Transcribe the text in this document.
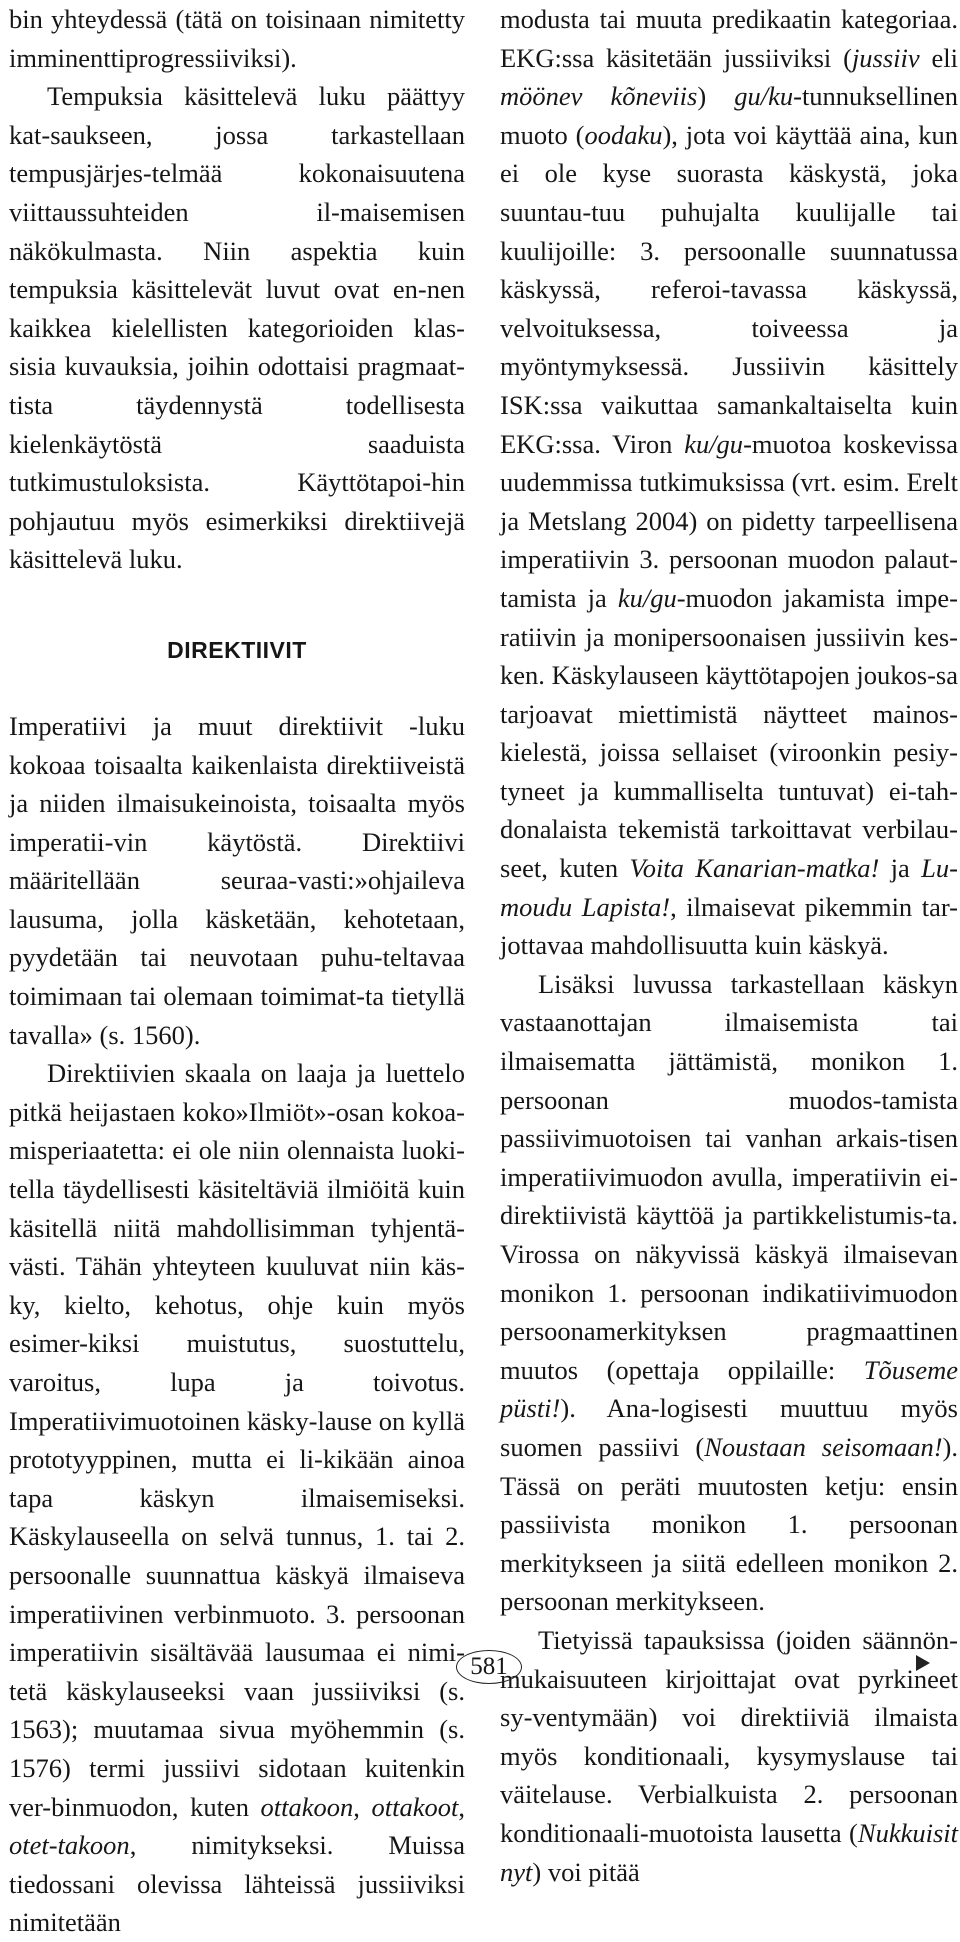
bin yhteydessä (tätä on toisinaan nimitetty imminenttiprogressiiviksi).

Tempuksia käsittelevä luku päättyy kat-saukseen, jossa tarkastellaan tempusjärjes-telmää kokonaisuutena viittaussuhteiden il-maisemisen näkökulmasta. Niin aspektia kuin tempuksia käsittelevät luvut ovat en-nen kaikkea kielellisten kategorioiden klas-sisia kuvauksia, joihin odottaisi pragmaat-tista täydennystä todellisesta kielenkäytöstä saaduista tutkimustuloksista. Käyttötapoi-hin pohjautuu myös esimerkiksi direktiivejä käsittelevä luku.

DIREKTIIVIT

Imperatiivi ja muut direktiivit -luku kokoaa toisaalta kaikenlaista direktiiveistä ja niiden ilmaisukeinoista, toisaalta myös imperatii-vin käytöstä. Direktiivi määritellään seuraa-vasti:»ohjaileva lausuma, jolla käsketään, kehotetaan, pyydetään tai neuvotaan puhu-teltavaa toimimaan tai olemaan toimimat-ta tietyllä tavalla» (s. 1560).

Direktiivien skaala on laaja ja luettelo pitkä heijastaen koko»Ilmiöt»-osan kokoa-misperiaatetta: ei ole niin olennaista luoki-tella täydellisesti käsiteltäviä ilmiöitä kuin käsitellä niitä mahdollisimman tyhjentä-västi. Tähän yhteyteen kuuluvat niin käs-ky, kielto, kehotus, ohje kuin myös esimer-kiksi muistutus, suostuttelu, varoitus, lupa ja toivotus. Imperatiivimuotoinen käsky-lause on kyllä prototyyppinen, mutta ei li-kikään ainoa tapa käskyn ilmaisemiseksi. Käskylauseella on selvä tunnus, 1. tai 2. persoonalle suunnattua käskyä ilmaiseva imperatiivinen verbinmuoto. 3. persoonan imperatiivin sisältävää lausumaa ei nimi-tetä käskylauseeksi vaan jussiiviksi (s. 1563); muutamaa sivua myöhemmin (s. 1576) termi jussiivi sidotaan kuitenkin ver-binmuodon, kuten ottakoon, ottakoot, otet-takoon, nimitykseksi. Muissa tiedossani olevissa lähteissä jussiiviksi nimitetään

modusta tai muuta predikaatin kategoriaa. EKG:ssa käsitetään jussiiviksi (jussiiv eli möönev kõneviis) gu/ku-tunnuksellinen muoto (oodaku), jota voi käyttää aina, kun ei ole kyse suorasta käskystä, joka suuntau-tuu puhujalta kuulijalle tai kuulijoille: 3. persoonalle suunnatussa käskyssä, referoi-tavassa käskyssä, velvoituksessa, toiveessa ja myöntymyksessä. Jussiivin käsittely ISK:ssa vaikuttaa samankaltaiselta kuin EKG:ssa. Viron ku/gu-muotoa koskevissa uudemmissa tutkimuksissa (vrt. esim. Erelt ja Metslang 2004) on pidetty tarpeellisena imperatiivin 3. persoonan muodon palaut-tamista ja ku/gu-muodon jakamista impe-ratiivin ja monipersoonaisen jussiivin kes-ken. Käskylauseen käyttötapojen joukos-sa tarjoavat miettimistä näytteet mainos-kielestä, joissa sellaiset (viroonkin pesiy-tyneet ja kummalliselta tuntuvat) ei-tah-donalaista tekemistä tarkoittavat verbilau-seet, kuten Voita Kanarian-matka! ja Lu-moudu Lapista!, ilmaisevat pikemmin tar-jottavaa mahdollisuutta kuin käskyä.

Lisäksi luvussa tarkastellaan käskyn vastaanottajan ilmaisemista tai ilmaisematta jättämistä, monikon 1. persoonan muodos-tamista passiivimuotoisen tai vanhan arkais-tisen imperatiivimuodon avulla, imperatiivin ei-direktiivistä käyttöä ja partikkelistumis-ta. Virossa on näkyvissä käskyä ilmaisevan monikon 1. persoonan indikatiivimuodon persoonamerkityksen pragmaattinen muutos (opettaja oppilaille: Tõuseme püsti!). Ana-logisesti muuttuu myös suomen passiivi (Noustaan seisomaan!). Tässä on peräti muutosten ketju: ensin passiivista monikon 1. persoonan merkitykseen ja siitä edelleen monikon 2. persoonan merkitykseen.

Tietyissä tapauksissa (joiden säännön-mukaisuuteen kirjoittajat ovat pyrkineet sy-ventymään) voi direktiiviä ilmaista myös konditionaali, kysymyslause tai väitelause. Verbialkuista 2. persoonan konditionaali-muotoista lausetta (Nukkuisit nyt) voi pitää

581
